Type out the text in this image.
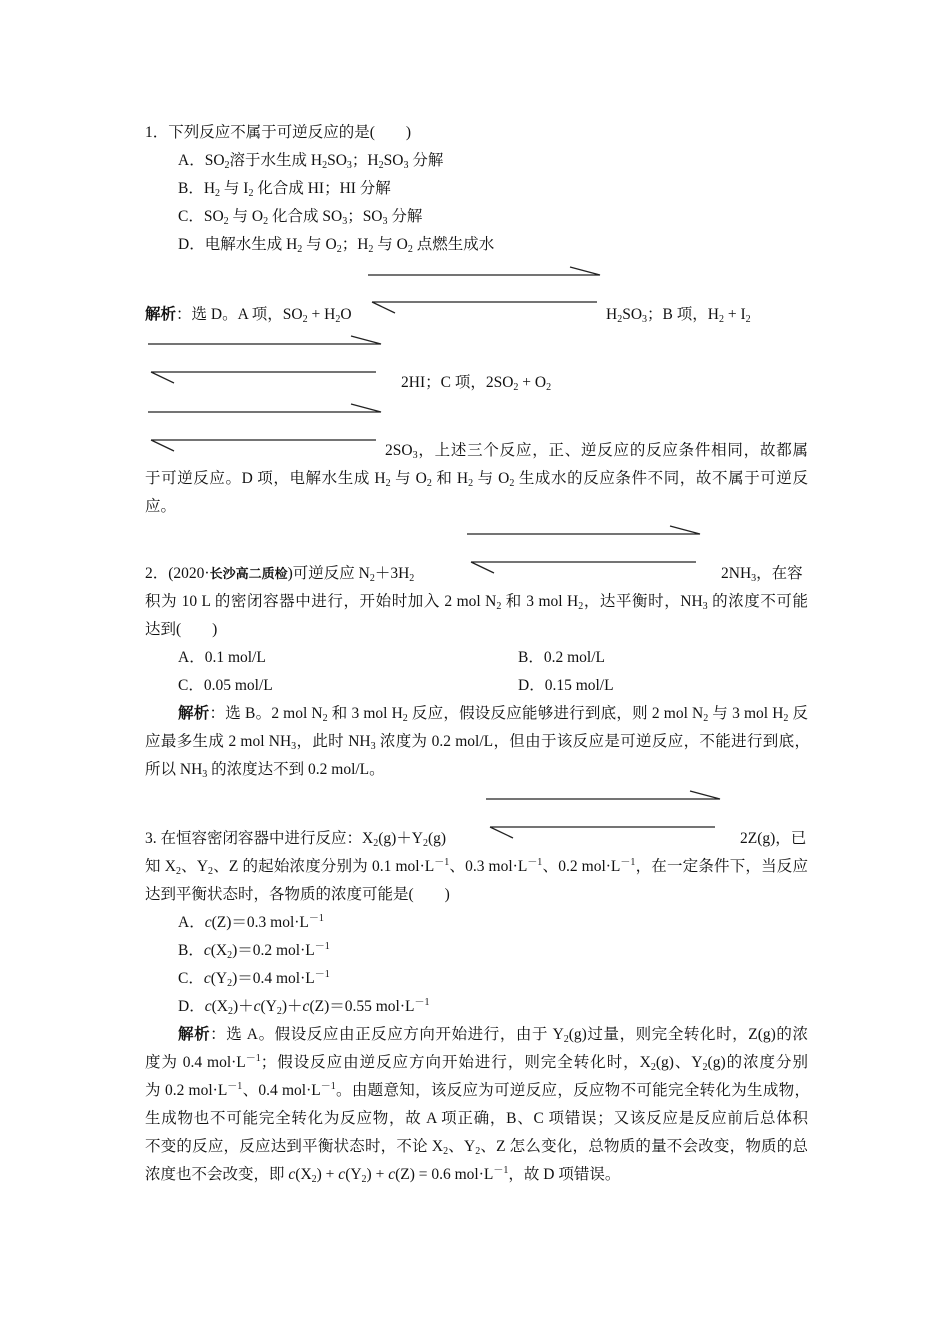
1．下列反应不属于可逆反应的是(　　)
A．$SO_2$溶于水生成 $H_2SO_3$；$H_2SO_3$ 分解
B．$H_2$ 与 $I_2$ 化合成 HI；HI 分解
C．$SO_2$ 与 $O_2$ 化合成 $SO_3$；$SO_3$ 分解
D．电解水生成 $H_2$ 与 $O_2$；$H_2$ 与 $O_2$ 点燃生成水
解析：选 D。A 项，$SO_2 + H_2O$	$H_2SO_3$；B 项，$H_2 + I_2$
2HI；C 项，$2SO_2 + O_2$
$2SO_3$，上述三个反应，正、逆反应的反应条件相同，故都属
于可逆反应。D 项，电解水生成 $H_2$ 与 $O_2$ 和 $H_2$ 与 $O_2$ 生成水的反应条件不同，故不属于可逆反
应。
2．(2020·长沙高二质检)可逆反应 $N_2+3H_2$	$2NH_3$，在容
积为 10 L 的密闭容器中进行，开始时加入 2 mol $N_2$ 和 3 mol $H_2$，达平衡时，$NH_3$ 的浓度不可能
达到(　　)
A．0.1 mol/L	B．0.2 mol/L
C．0.05 mol/L	D．0.15 mol/L
解析：选 B。2 mol $N_2$ 和 3 mol $H_2$ 反应，假设反应能够进行到底，则 2 mol $N_2$ 与 3 mol $H_2$ 反
应最多生成 2 mol $NH_3$，此时 $NH_3$ 浓度为 0.2 mol/L，但由于该反应是可逆反应，不能进行到底，
所以 $NH_3$ 的浓度达不到 0.2 mol/L。
3. 在恒容密闭容器中进行反应：$X_2(g)+Y_2(g)$	2Z(g)，已
知 $X_2$、$Y_2$、Z 的起始浓度分别为 0.1 $mol\cdot L^{-1}$、0.3 $mol\cdot L^{-1}$、0.2 $mol\cdot L^{-1}$，在一定条件下，当反应
达到平衡状态时，各物质的浓度可能是(　　)
A．c(Z)＝0.3 $mol\cdot L^{-1}$
B．$c(X_2)=0.2$ $mol\cdot L^{-1}$
C．$c(Y_2)=0.4$ $mol\cdot L^{-1}$
D．$c(X_2)+c(Y_2)+c(Z)=0.55$ $mol\cdot L^{-1}$
解析：选 A。假设反应由正反应方向开始进行，由于 $Y_2(g)$过量，则完全转化时，Z(g)的浓
度为 0.4 $mol\cdot L^{-1}$；假设反应由逆反应方向开始进行，则完全转化时，$X_2(g)$、$Y_2(g)$的浓度分别
为 0.2 $mol\cdot L^{-1}$、0.4 $mol\cdot L^{-1}$。由题意知，该反应为可逆反应，反应物不可能完全转化为生成物，
生成物也不可能完全转化为反应物，故 A 项正确，B、C 项错误；又该反应是反应前后总体积
不变的反应，反应达到平衡状态时，不论 $X_2$、$Y_2$、Z 怎么变化，总物质的量不会改变，物质的总
浓度也不会改变，即 $c(X_2) + c(Y_2) + c(Z) = 0.6$ $mol\cdot L^{-1}$，故 D 项错误。
